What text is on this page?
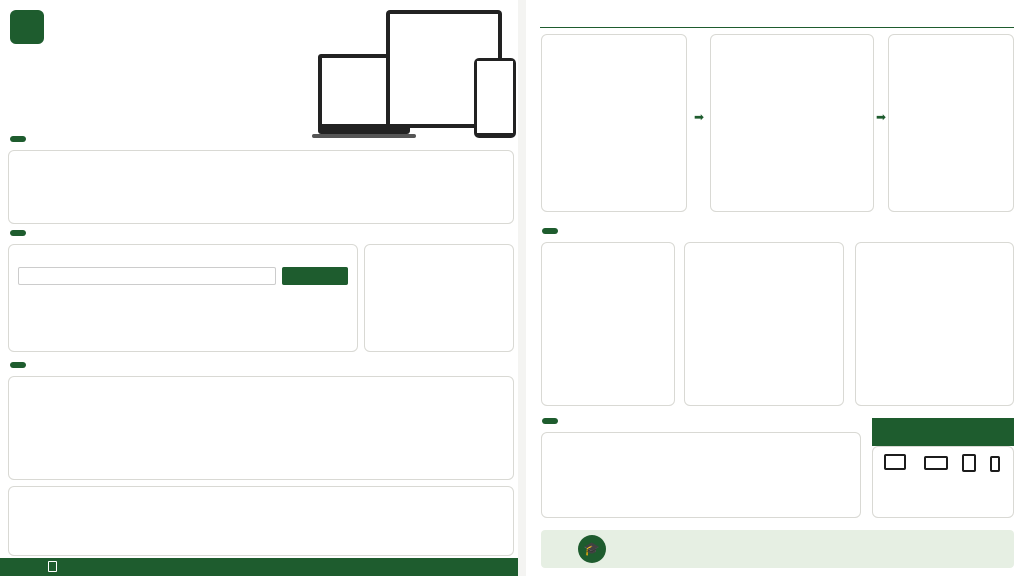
➡	➡
🎓
